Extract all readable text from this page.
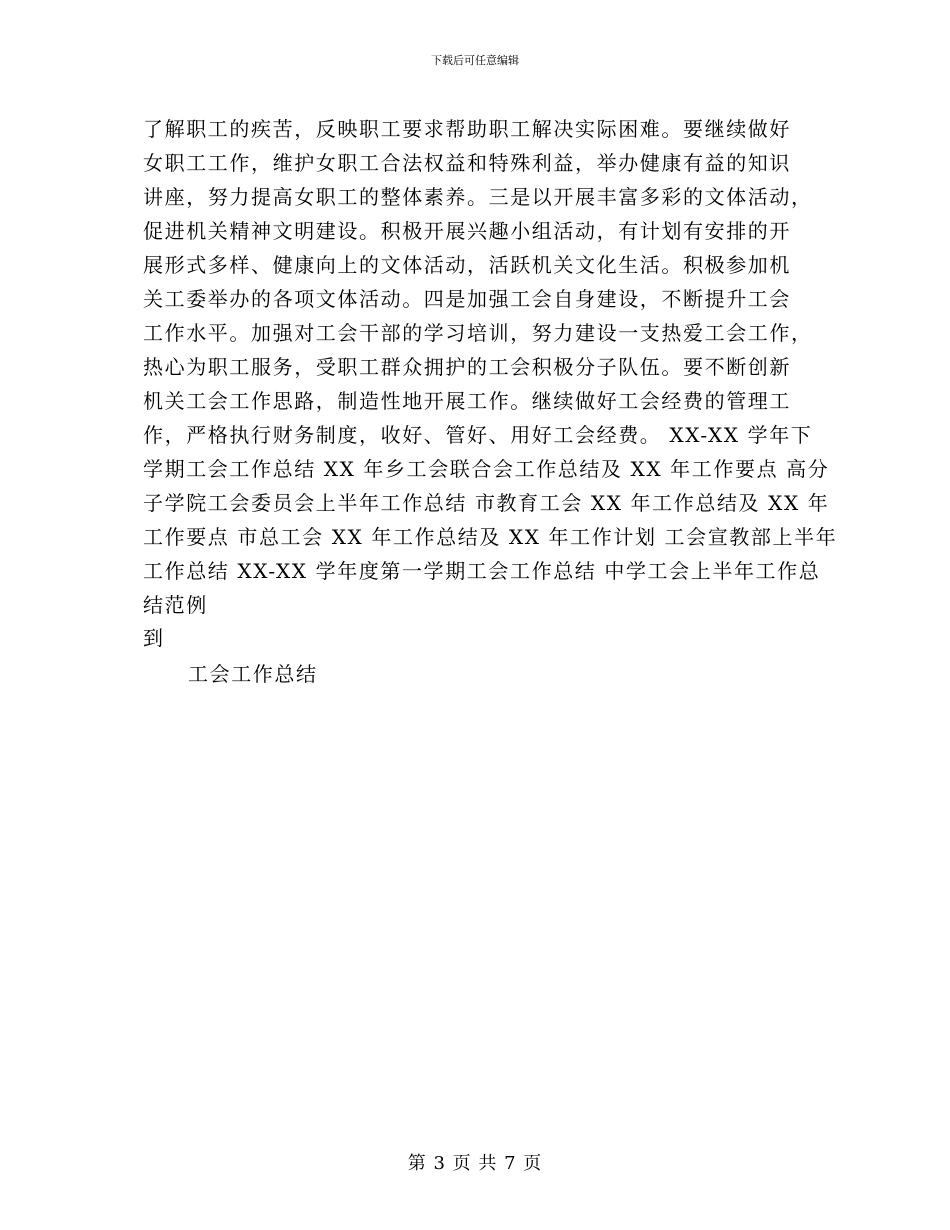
下载后可任意编辑
了解职工的疾苦，反映职工要求帮助职工解决实际困难。要继续做好
女职工工作，维护女职工合法权益和特殊利益，举办健康有益的知识
讲座，努力提高女职工的整体素养。三是以开展丰富多彩的文体活动，
促进机关精神文明建设。积极开展兴趣小组活动，有计划有安排的开
展形式多样、健康向上的文体活动，活跃机关文化生活。积极参加机
关工委举办的各项文体活动。四是加强工会自身建设，不断提升工会
工作水平。加强对工会干部的学习培训，努力建设一支热爱工会工作，
热心为职工服务，受职工群众拥护的工会积极分子队伍。要不断创新
机关工会工作思路，制造性地开展工作。继续做好工会经费的管理工
作，严格执行财务制度，收好、管好、用好工会经费。 XX-XX 学年下
学期工会工作总结 XX 年乡工会联合会工作总结及 XX 年工作要点 高分
子学院工会委员会上半年工作总结 市教育工会 XX 年工作总结及 XX 年
工作要点 市总工会 XX 年工作总结及 XX 年工作计划 工会宣教部上半年
工作总结 XX-XX 学年度第一学期工会工作总结 中学工会上半年工作总
结范例
到
工会工作总结
第 3 页 共 7 页
